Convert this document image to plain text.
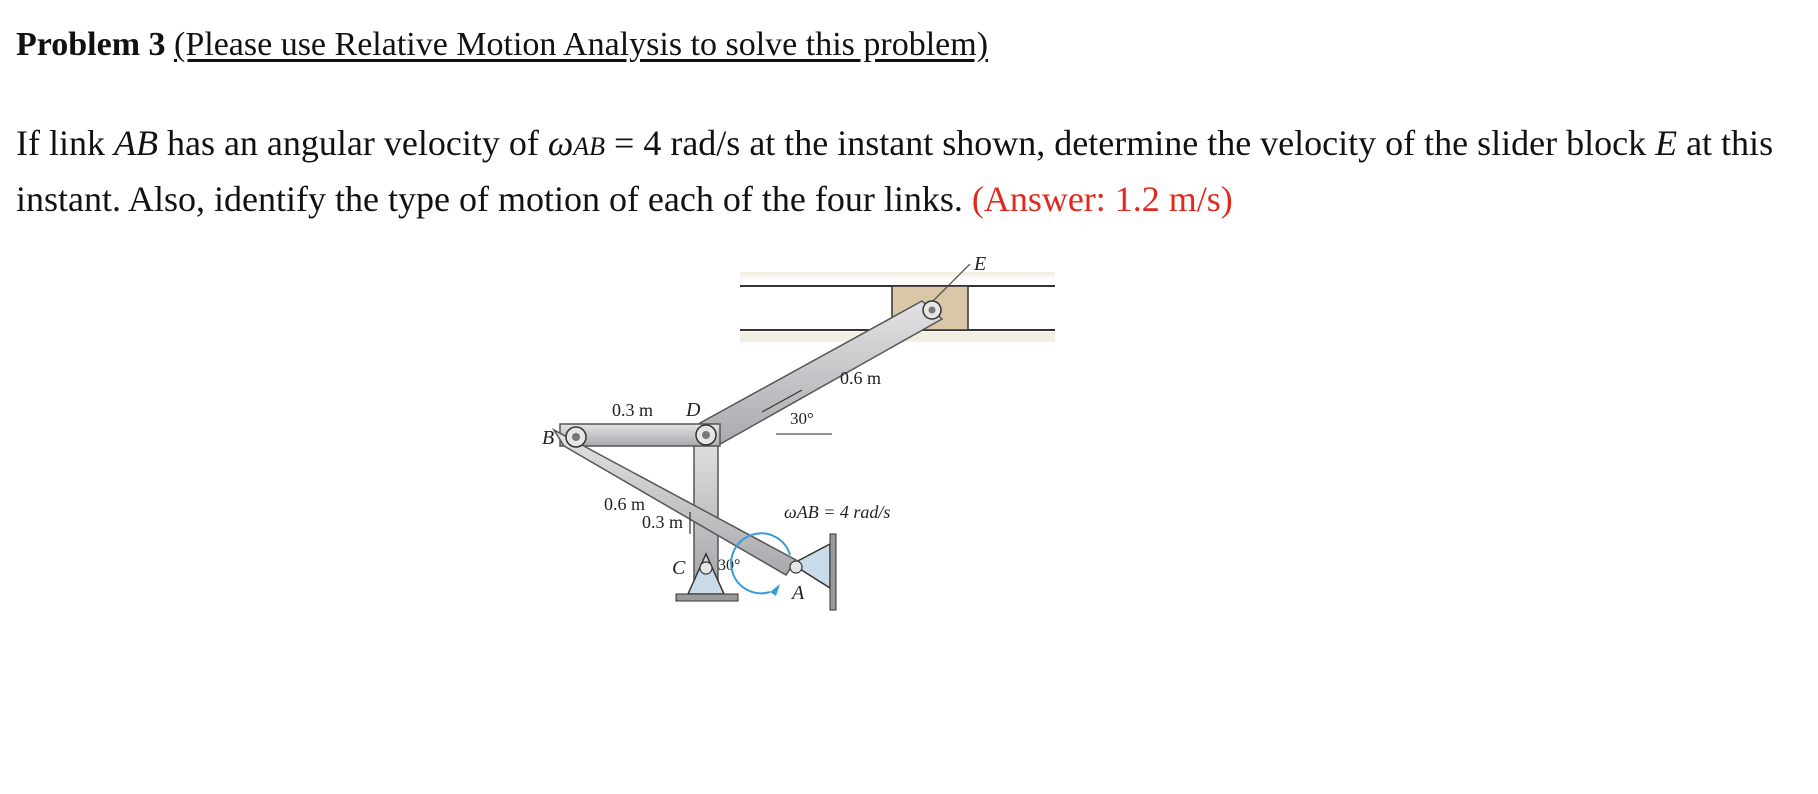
Problem 3 (Please use Relative Motion Analysis to solve this problem)
If link AB has an angular velocity of ωAB = 4 rad/s at the instant shown, determine the velocity of the slider block E at this instant. Also, identify the type of motion of each of the four links. (Answer: 1.2 m/s)
E
0.6 m
30°
C 30°
A
B
D
0.3 m
0.6 m
0.3 m	ωAB = 4 rad/s
